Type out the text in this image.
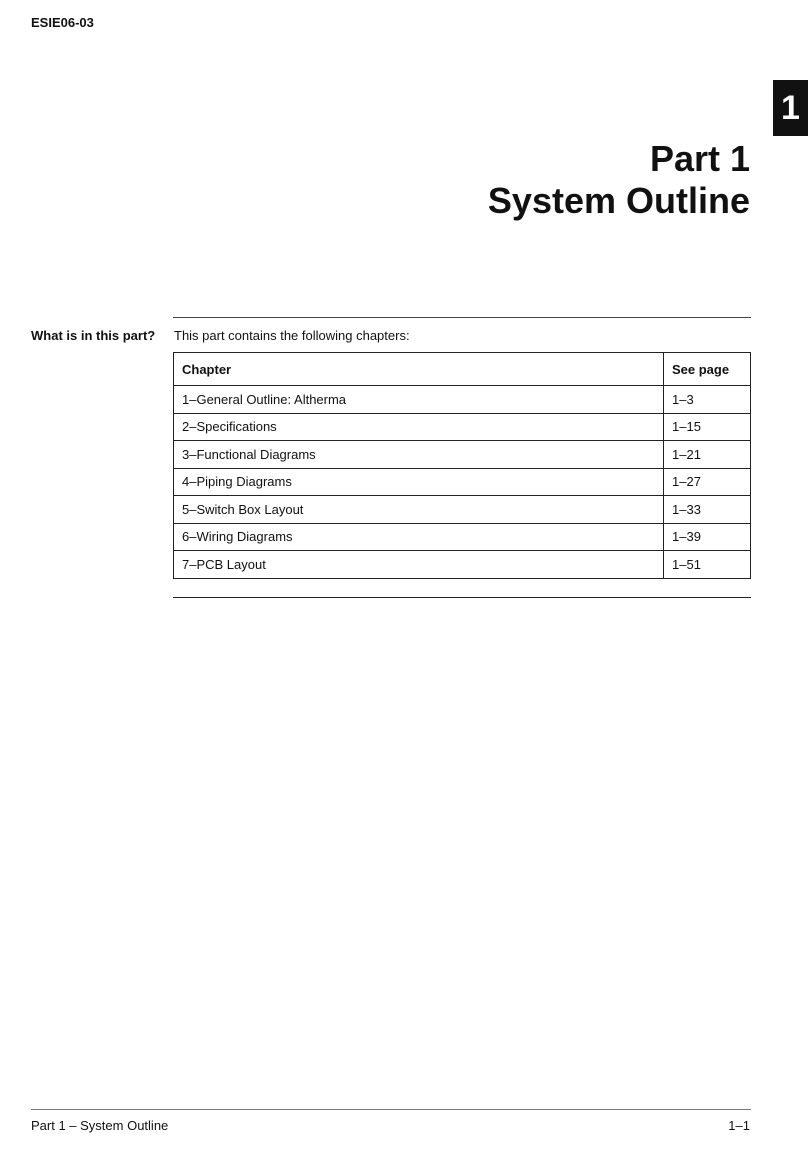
ESIE06-03
1
Part 1
System Outline
What is in this part? This part contains the following chapters:
Chapter	See page
1–General Outline: Altherma	1–3
2–Specifications	1–15
3–Functional Diagrams	1–21
4–Piping Diagrams	1–27
5–Switch Box Layout	1–33
6–Wiring Diagrams	1–39
7–PCB Layout	1–51
Part 1 – System Outline	1–1
